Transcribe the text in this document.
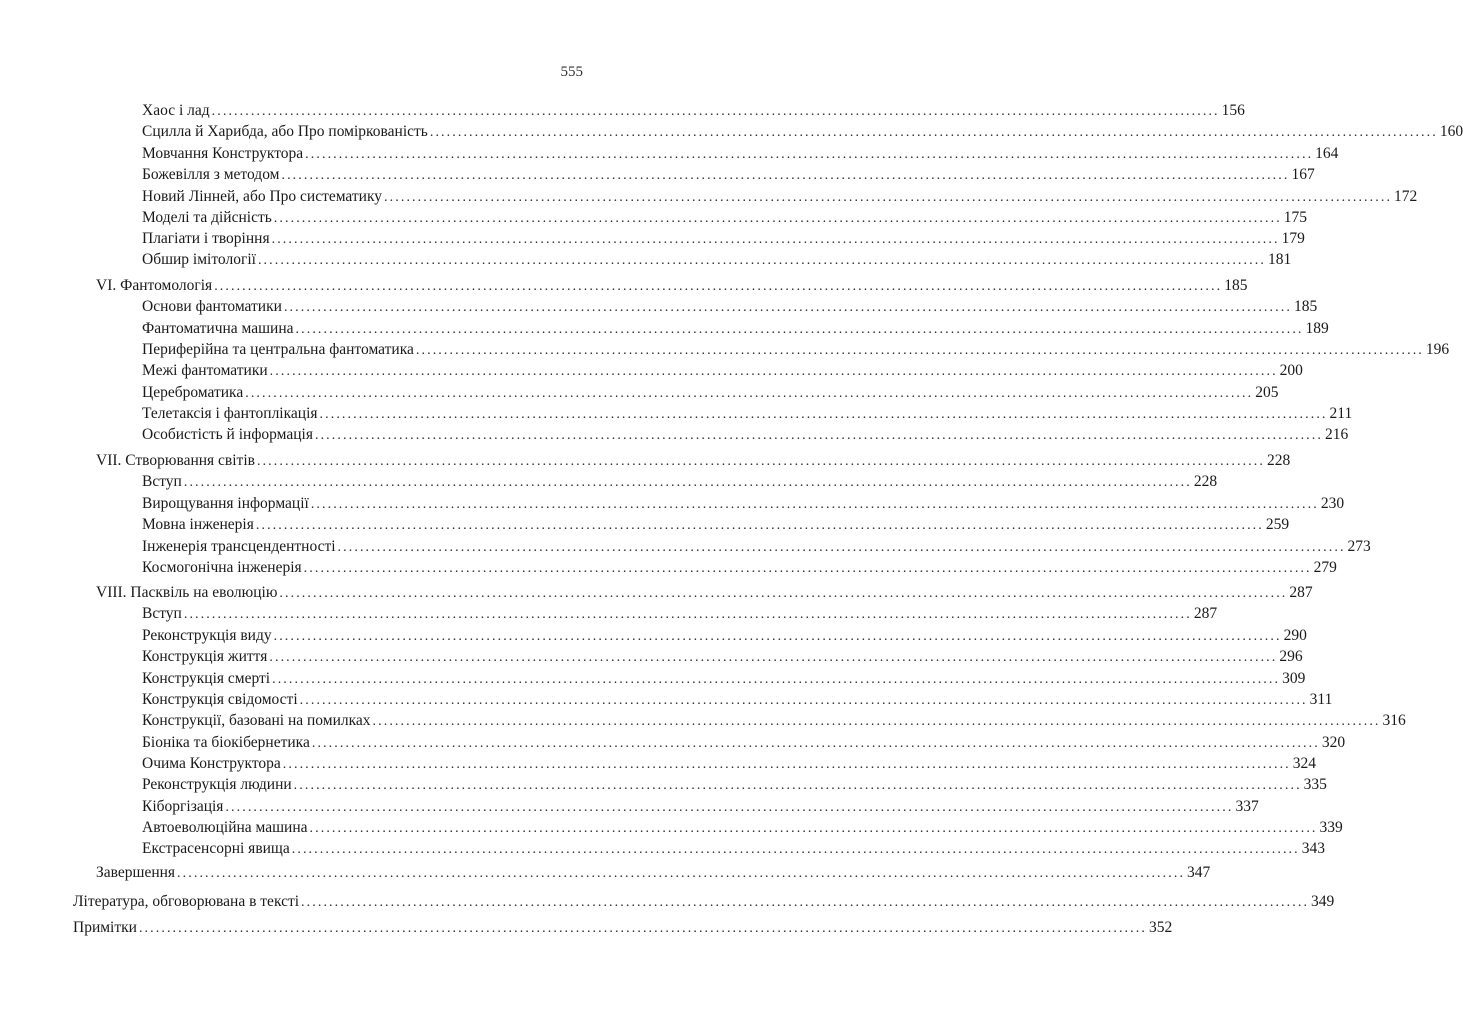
555
Хаос і лад .................................................................................................................................................................................... 156
Сцилла й Харибда, або Про поміркованість .................................................................................................................................................................................... 160
Мовчання Конструктора .................................................................................................................................................................................... 164
Божевілля з методом .................................................................................................................................................................................... 167
Новий Лінней, або Про систематику .................................................................................................................................................................................... 172
Моделі та дійсність .................................................................................................................................................................................... 175
Плагіати і творіння .................................................................................................................................................................................... 179
Обшир імітології .................................................................................................................................................................................... 181
VI. Фантомологія .................................................................................................................................................................................... 185
Основи фантоматики .................................................................................................................................................................................... 185
Фантоматична машина .................................................................................................................................................................................... 189
Периферійна та центральна фантоматика .................................................................................................................................................................................... 196
Межі фантоматики .................................................................................................................................................................................... 200
Цереброматика .................................................................................................................................................................................... 205
Телетаксія і фантоплікація .................................................................................................................................................................................... 211
Особистість й інформація .................................................................................................................................................................................... 216
VII. Створювання світів .................................................................................................................................................................................... 228
Вступ .................................................................................................................................................................................... 228
Вирощування інформації .................................................................................................................................................................................... 230
Мовна інженерія .................................................................................................................................................................................... 259
Інженерія трансцендентності .................................................................................................................................................................................... 273
Космогонічна інженерія .................................................................................................................................................................................... 279
VIII. Пасквіль на еволюцію .................................................................................................................................................................................... 287
Вступ .................................................................................................................................................................................... 287
Реконструкція виду .................................................................................................................................................................................... 290
Конструкція життя .................................................................................................................................................................................... 296
Конструкція смерті .................................................................................................................................................................................... 309
Конструкція свідомості .................................................................................................................................................................................... 311
Конструкції, базовані на помилках .................................................................................................................................................................................... 316
Біоніка та біокібернетика .................................................................................................................................................................................... 320
Очима Конструктора .................................................................................................................................................................................... 324
Реконструкція людини .................................................................................................................................................................................... 335
Кіборгізація .................................................................................................................................................................................... 337
Автоеволюційна машина .................................................................................................................................................................................... 339
Екстрасенсорні явища .................................................................................................................................................................................... 343
Завершення .................................................................................................................................................................................... 347
Література, обговорювана в тексті .................................................................................................................................................................................... 349
Примітки .................................................................................................................................................................................... 352
